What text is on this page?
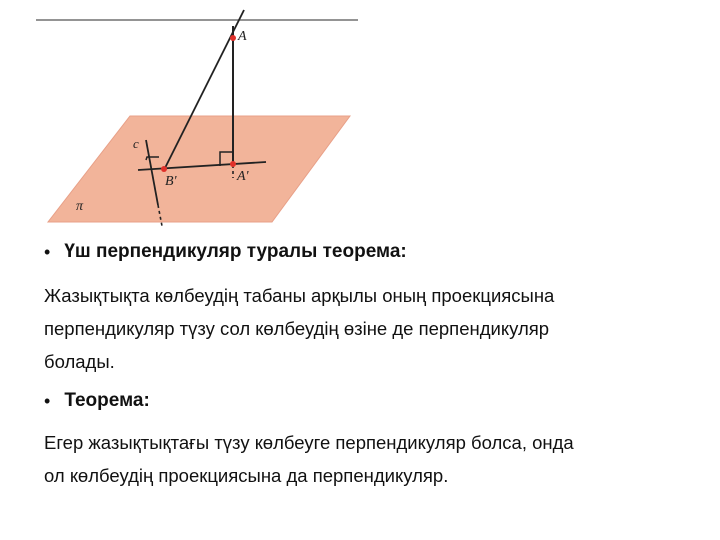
A
A'
B'
c
π
• Үш перпендикуляр туралы теорема:

Жазықтықта көлбеудің табаны арқылы оның проекциясына
перпендикуляр түзу сол көлбеудің өзіне де перпендикуляр
болады.

• Теорема:

Егер жазықтықтағы түзу көлбеуге перпендикуляр болса, онда
ол көлбеудің проекциясына да перпендикуляр.
